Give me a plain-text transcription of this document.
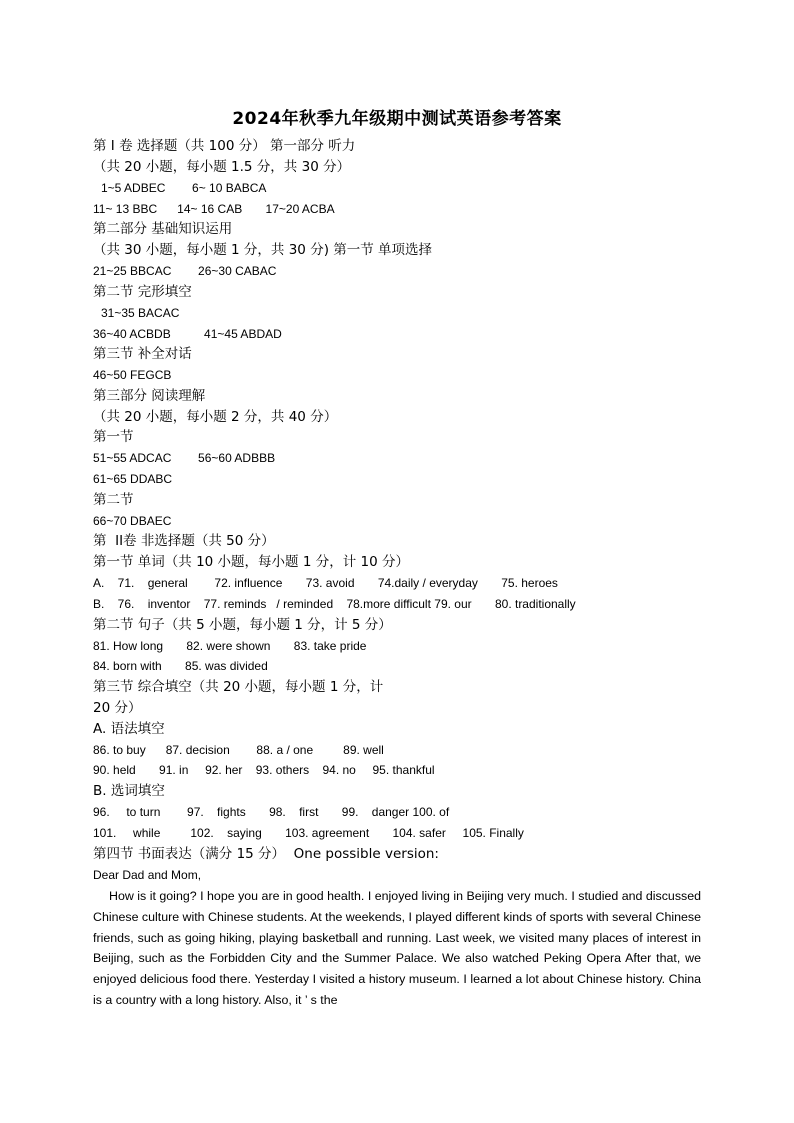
2024年秋季九年级期中测试英语参考答案
第 I 卷 选择题（共 100 分） 第一部分 听力
（共 20 小题，每小题 1.5 分，共 30 分）
1~5 ADBEC        6~ 10 BABCA
11~ 13 BBC      14~ 16 CAB       17~20 ACBA
第二部分 基础知识运用
（共 30 小题，每小题 1 分，共 30 分) 第一节 单项选择
21~25 BBCAC        26~30 CABAC
第二节 完形填空
31~35 BACAC
36~40 ACBDB          41~45 ABDAD
第三节 补全对话
46~50 FEGCB
第三部分 阅读理解
（共 20 小题，每小题 2 分，共 40 分）
第一节
51~55 ADCAC        56~60 ADBBB
61~65 DDABC
第二节
66~70 DBAEC
第  II卷 非选择题（共 50 分）
第一节 单词（共 10 小题，每小题 1 分，计 10 分）
A.    71.    general        72. influence       73. avoid       74.daily / everyday       75. heroes
B.    76.    inventor    77. reminds   / reminded    78.more difficult 79. our       80. traditionally
第二节 句子（共 5 小题，每小题 1 分，计 5 分）
81. How long       82. were shown       83. take pride
84. born with       85. was divided
第三节 综合填空（共 20 小题，每小题 1 分，计
20 分）
A. 语法填空
86. to buy      87. decision        88. a / one         89. well
90. held       91. in     92. her    93. others    94. no     95. thankful
B. 选词填空
96.     to turn        97.    fights       98.    first       99.    danger 100. of
101.     while         102.    saying       103. agreement       104. safer     105. Finally
第四节 书面表达（满分 15 分）  One possible version:
Dear Dad and Mom,
How is it going? I hope you are in good health. I enjoyed living in Beijing very much. I studied and discussed Chinese culture with Chinese students. At the weekends, I played different kinds of sports with several Chinese friends, such as going hiking, playing basketball and running. Last week, we visited many places of interest in Beijing, such as the Forbidden City and the Summer Palace. We also watched Peking Opera After that, we enjoyed delicious food there. Yesterday I visited a history museum. I learned a lot about Chinese history. China is a country with a long history. Also, it ’ s the
